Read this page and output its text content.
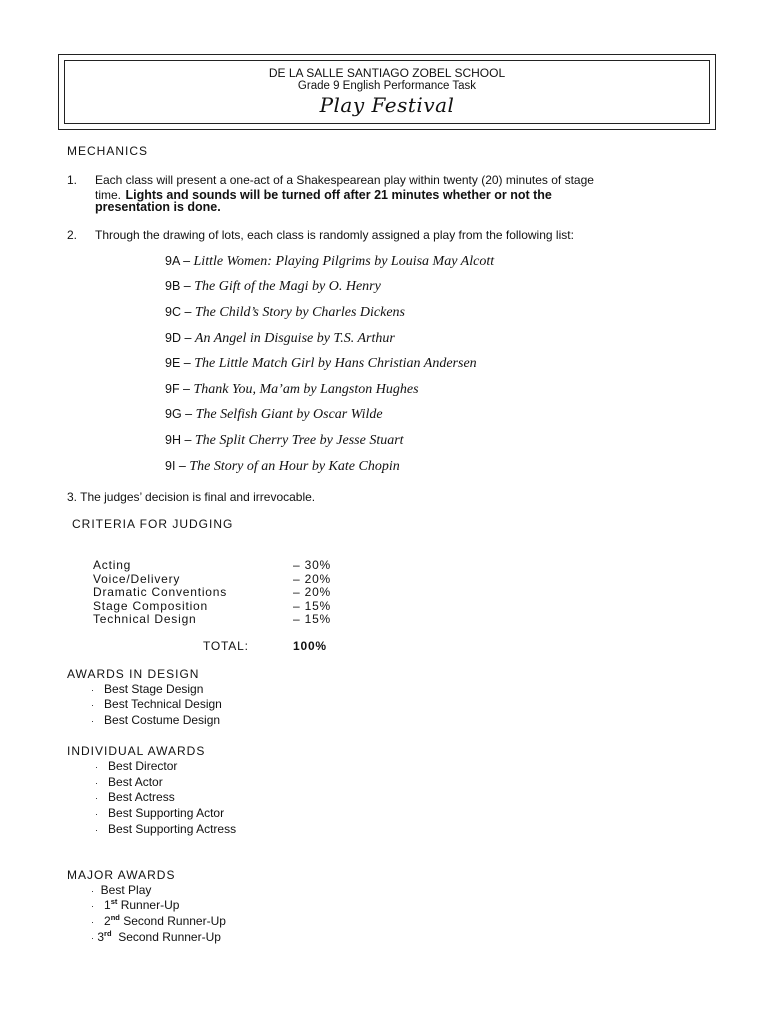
DE LA SALLE SANTIAGO ZOBEL SCHOOL
Grade 9 English Performance Task
Play Festival
MECHANICS
1. Each class will present a one-act of a Shakespearean play within twenty (20) minutes of stage
time. Lights and sounds will be turned off after 21 minutes whether or not the
presentation is done.
2. Through the drawing of lots, each class is randomly assigned a play from the following list:
9A – Little Women: Playing Pilgrims by Louisa May Alcott
9B – The Gift of the Magi by O. Henry
9C – The Child’s Story by Charles Dickens
9D – An Angel in Disguise by T.S. Arthur
9E – The Little Match Girl by Hans Christian Andersen
9F – Thank You, Ma’am by Langston Hughes
9G – The Selfish Giant by Oscar Wilde
9H – The Split Cherry Tree by Jesse Stuart
9I – The Story of an Hour by Kate Chopin
3. The judges’ decision is final and irrevocable.
CRITERIA FOR JUDGING
Acting	– 30%
Voice/Delivery	– 20%
Dramatic Conventions	– 20%
Stage Composition	– 15%
Technical Design	– 15%
TOTAL:	100%
AWARDS IN DESIGN
· Best Stage Design
· Best Technical Design
· Best Costume Design
INDIVIDUAL AWARDS
· Best Director
· Best Actor
· Best Actress
· Best Supporting Actor
· Best Supporting Actress
MAJOR AWARDS
· Best Play
· 1st Runner-Up
· 2nd Second Runner-Up
· 3rd  Second Runner-Up
